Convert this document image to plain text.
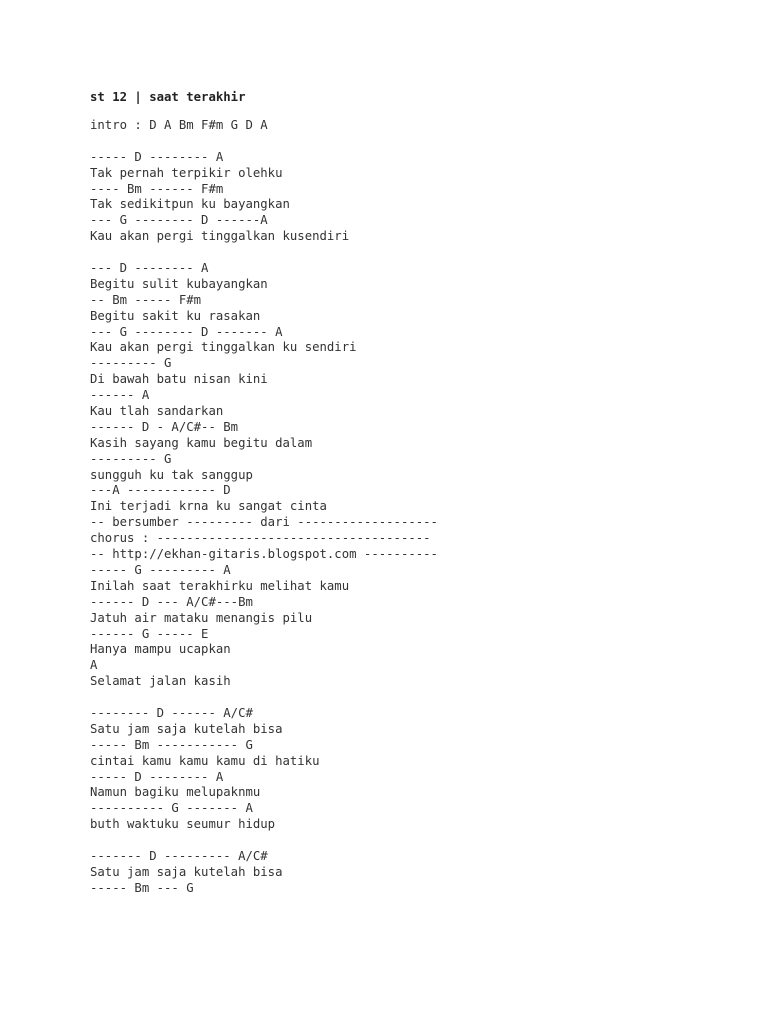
st 12 | saat terakhir
intro : D A Bm F#m G D A
----- D -------- A
Tak pernah terpikir olehku
---- Bm ------ F#m
Tak sedikitpun ku bayangkan
--- G -------- D ------A
Kau akan pergi tinggalkan kusendiri
--- D -------- A
Begitu sulit kubayangkan
-- Bm ----- F#m
Begitu sakit ku rasakan
--- G -------- D ------- A
Kau akan pergi tinggalkan ku sendiri
--------- G
Di bawah batu nisan kini
------ A
Kau tlah sandarkan
------ D - A/C#-- Bm
Kasih sayang kamu begitu dalam
--------- G
sungguh ku tak sanggup
---A ------------ D
Ini terjadi krna ku sangat cinta
-- bersumber --------- dari -------------------
chorus : -------------------------------------
-- http://ekhan-gitaris.blogspot.com ----------
----- G --------- A
Inilah saat terakhirku melihat kamu
------ D --- A/C#---Bm
Jatuh air mataku menangis pilu
------ G ----- E
Hanya mampu ucapkan
A
Selamat jalan kasih
-------- D ------ A/C#
Satu jam saja kutelah bisa
----- Bm ----------- G
cintai kamu kamu kamu di hatiku
----- D -------- A
Namun bagiku melupaknmu
---------- G ------- A
buth waktuku seumur hidup
------- D --------- A/C#
Satu jam saja kutelah bisa
----- Bm --- G
